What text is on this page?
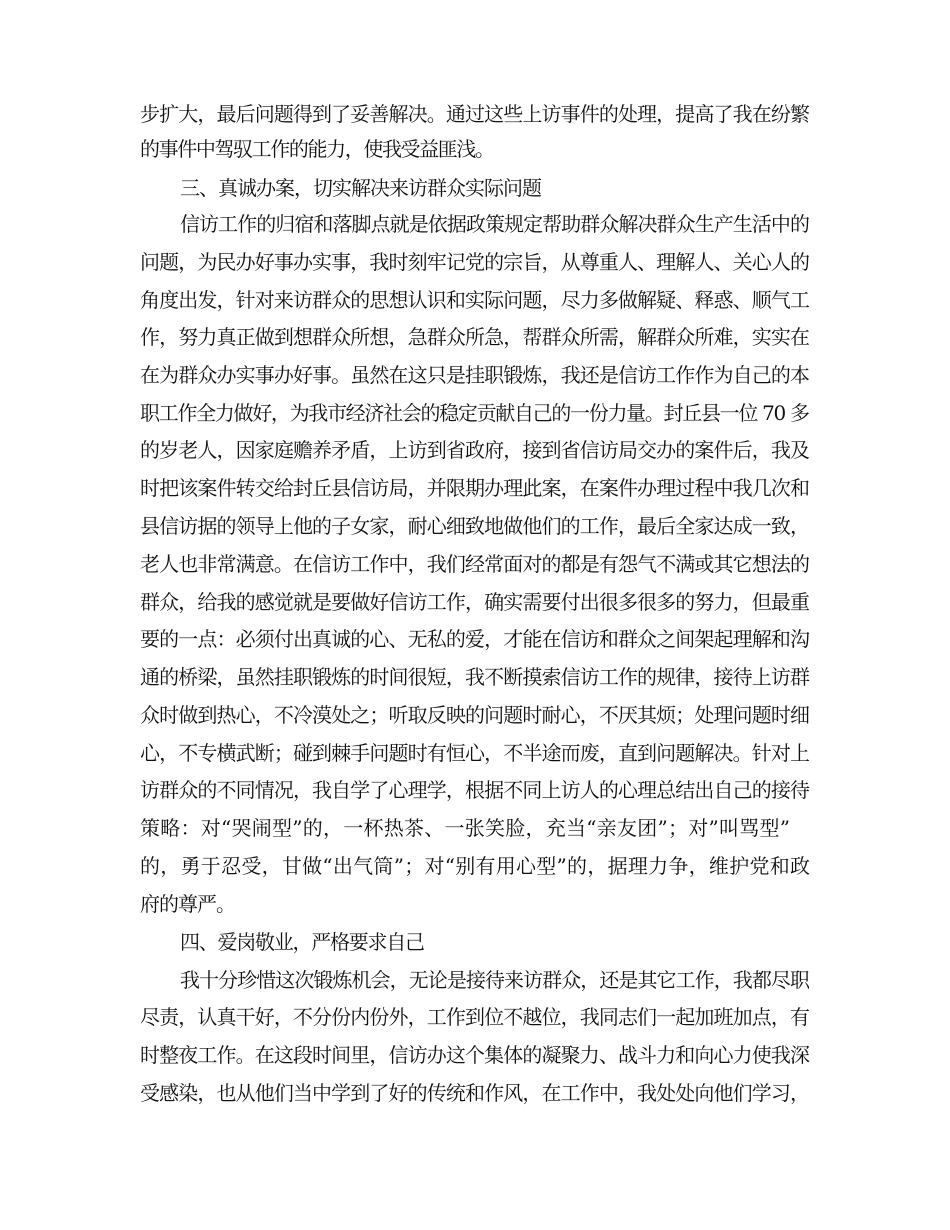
步扩大，最后问题得到了妥善解决。通过这些上访事件的处理，提高了我在纷繁
的事件中驾驭工作的能力，使我受益匪浅。
三、真诚办案，切实解决来访群众实际问题
信访工作的归宿和落脚点就是依据政策规定帮助群众解决群众生产生活中的
问题，为民办好事办实事，我时刻牢记党的宗旨，从尊重人、理解人、关心人的
角度出发，针对来访群众的思想认识和实际问题，尽力多做解疑、释惑、顺气工
作，努力真正做到想群众所想，急群众所急，帮群众所需，解群众所难，实实在
在为群众办实事办好事。虽然在这只是挂职锻炼，我还是信访工作作为自己的本
职工作全力做好，为我市经济社会的稳定贡献自己的一份力量。封丘县一位 70 多
的岁老人，因家庭赡养矛盾，上访到省政府，接到省信访局交办的案件后，我及
时把该案件转交给封丘县信访局，并限期办理此案，在案件办理过程中我几次和
县信访据的领导上他的子女家，耐心细致地做他们的工作，最后全家达成一致，
老人也非常满意。在信访工作中，我们经常面对的都是有怨气不满或其它想法的
群众，给我的感觉就是要做好信访工作，确实需要付出很多很多的努力，但最重
要的一点：必须付出真诚的心、无私的爱，才能在信访和群众之间架起理解和沟
通的桥梁，虽然挂职锻炼的时间很短，我不断摸索信访工作的规律，接待上访群
众时做到热心，不冷漠处之；听取反映的问题时耐心，不厌其烦；处理问题时细
心，不专横武断；碰到棘手问题时有恒心，不半途而废，直到问题解决。针对上
访群众的不同情况，我自学了心理学，根据不同上访人的心理总结出自己的接待
策略：对“哭闹型”的，一杯热茶、一张笑脸，充当“亲友团”；对”叫骂型”
的，勇于忍受，甘做“出气筒”；对“别有用心型”的，据理力争，维护党和政
府的尊严。
四、爱岗敬业，严格要求自己
我十分珍惜这次锻炼机会，无论是接待来访群众，还是其它工作，我都尽职
尽责，认真干好，不分份内份外，工作到位不越位，我同志们一起加班加点，有
时整夜工作。在这段时间里，信访办这个集体的凝聚力、战斗力和向心力使我深
受感染，也从他们当中学到了好的传统和作风，在工作中，我处处向他们学习，
